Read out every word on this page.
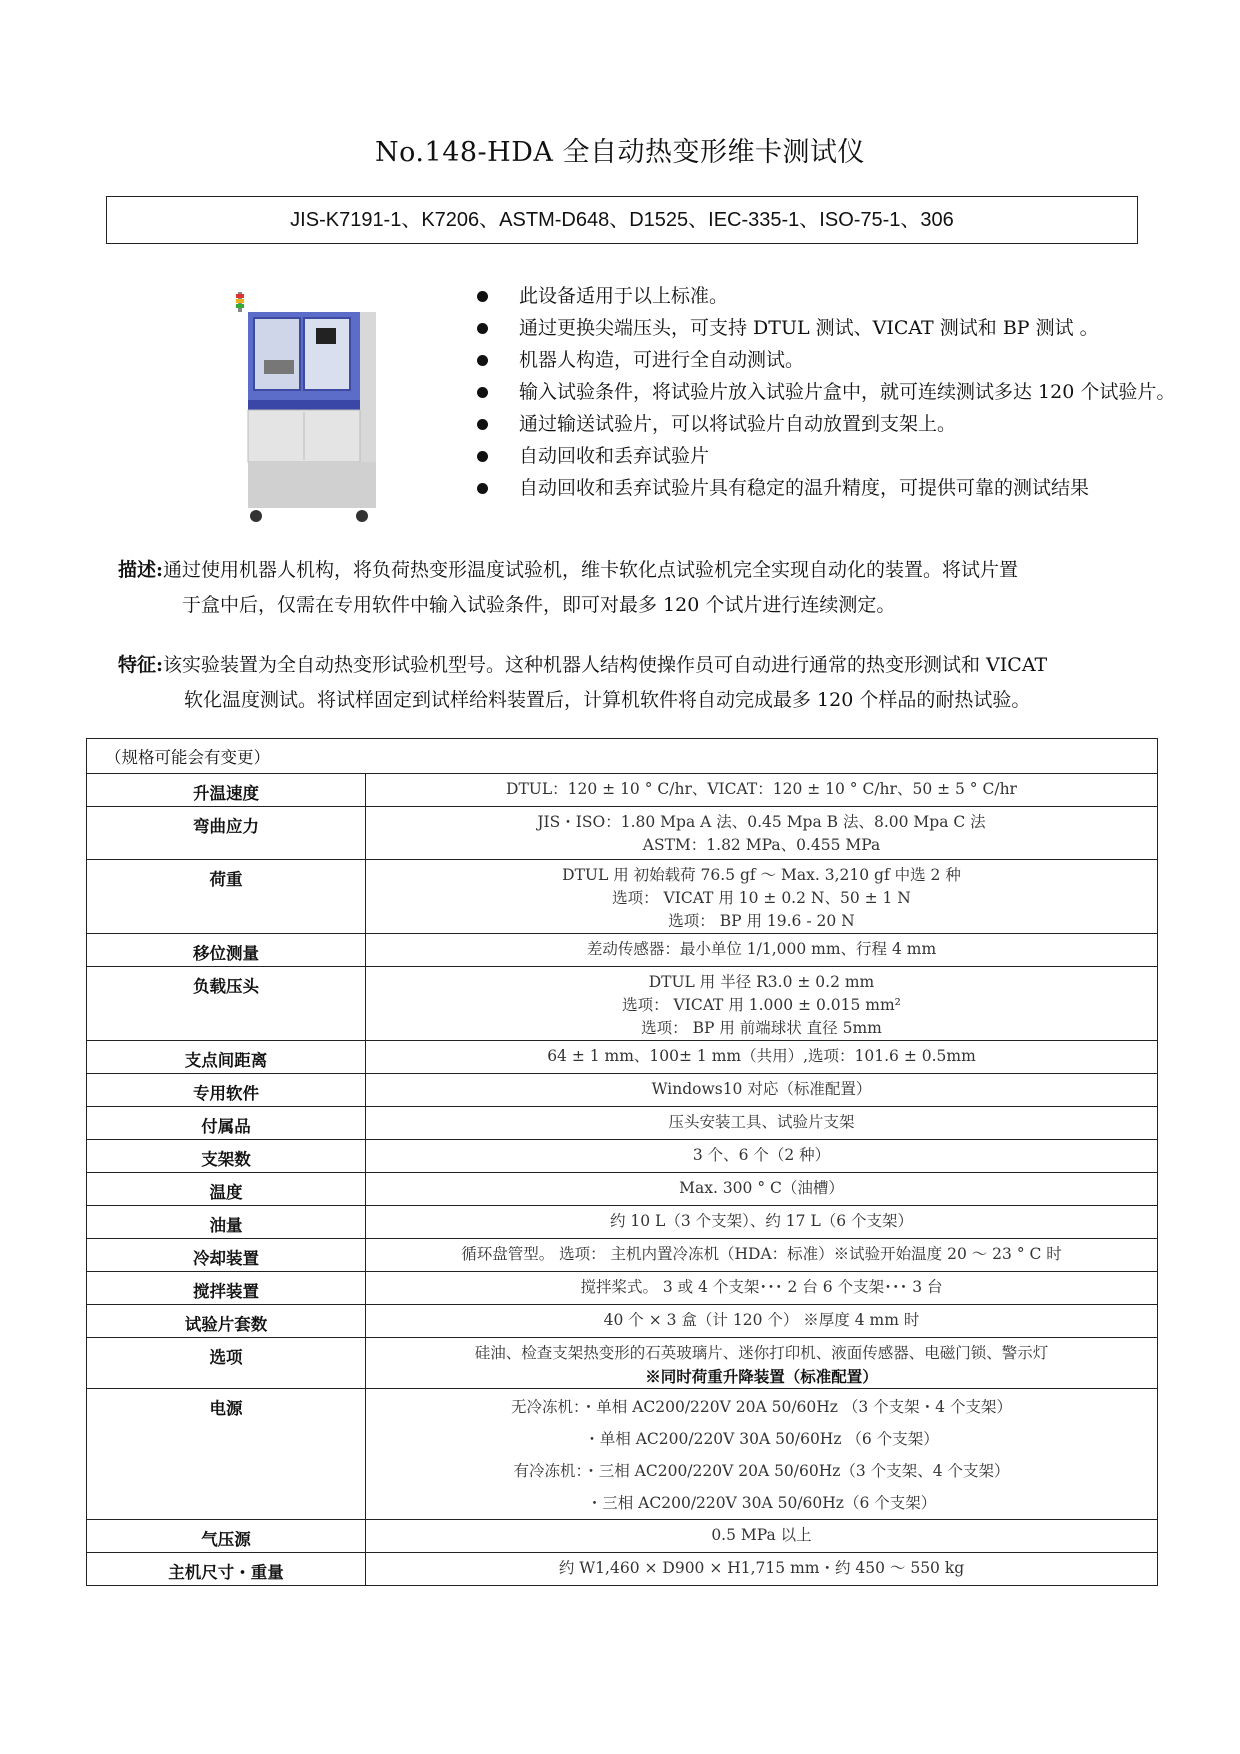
No.148-HDA 全自动热变形维卡测试仪
JIS-K7191-1、K7206、ASTM-D648、D1525、IEC-335-1、ISO-75-1、306
此设备适用于以上标准。
通过更换尖端压头，可支持 DTUL 测试、VICAT 测试和 BP 测试 。
机器人构造，可进行全自动测试。
输入试验条件，将试验片放入试验片盒中，就可连续测试多达 120 个试验片。
通过输送试验片，可以将试验片自动放置到支架上。
自动回收和丢弃试验片
自动回收和丢弃试验片具有稳定的温升精度，可提供可靠的测试结果
描述:通过使用机器人机构，将负荷热变形温度试验机，维卡软化点试验机完全实现自动化的装置。将试片置
于盒中后，仅需在专用软件中输入试验条件，即可对最多 120 个试片进行连续测定。
特征:该实验装置为全自动热变形试验机型号。这种机器人结构使操作员可自动进行通常的热变形测试和 VICAT
软化温度测试。将试样固定到试样给料装置后，计算机软件将自动完成最多 120 个样品的耐热试验。
（规格可能会有变更）	
升温速度	DTUL：120 ± 10 ° C/hr、VICAT：120 ± 10 ° C/hr、50 ± 5 ° C/hr

弯曲应力	JIS・ISO：1.80 Mpa A 法、0.45 Mpa B 法、8.00 Mpa C 法
ASTM：1.82 MPa、0.455 MPa

荷重	DTUL 用 初始载荷 76.5 gf ～ Max. 3,210 gf 中选 2 种
选项： VICAT 用 10 ± 0.2 N、50 ± 1 N
选项： BP 用 19.6 - 20 N

移位测量	差动传感器：最小单位 1/1,000 mm、行程 4 mm

负载压头	DTUL 用 半径 R3.0 ± 0.2 mm
选项： VICAT 用 1.000 ± 0.015 mm²
选项： BP 用 前端球状 直径 5mm

支点间距离	64 ± 1 mm、100± 1 mm（共用）,选项：101.6 ± 0.5mm

专用软件	Windows10 对応（标准配置）

付属品	压头安装工具、试验片支架

支架数	3 个、6 个（2 种）

温度	Max. 300 ° C（油槽）

油量	约 10 L（3 个支架）、约 17 L（6 个支架）

冷却装置	循环盘管型。 选项： 主机内置冷冻机（HDA：标准）※试验开始温度 20 ～ 23 ° C 时

搅拌装置	搅拌桨式。 3 或 4 个支架･･･ 2 台 6 个支架･･･ 3 台

试验片套数	40 个 × 3 盒（计 120 个） ※厚度 4 mm 时

选项	硅油、检查支架热变形的石英玻璃片、迷你打印机、液面传感器、电磁门锁、警示灯
※同时荷重升降装置（标准配置）

电源	无冷冻机：・单相 AC200/220V 20A 50/60Hz （3 个支架・4 个支架）
・单相 AC200/220V 30A 50/60Hz （6 个支架）
有冷冻机：・三相 AC200/220V 20A 50/60Hz（3 个支架、4 个支架）
・三相 AC200/220V 30A 50/60Hz（6 个支架）

气压源	0.5 MPa 以上

主机尺寸・重量	约 W1,460 × D900 × H1,715 mm・约 450 ～ 550 kg
